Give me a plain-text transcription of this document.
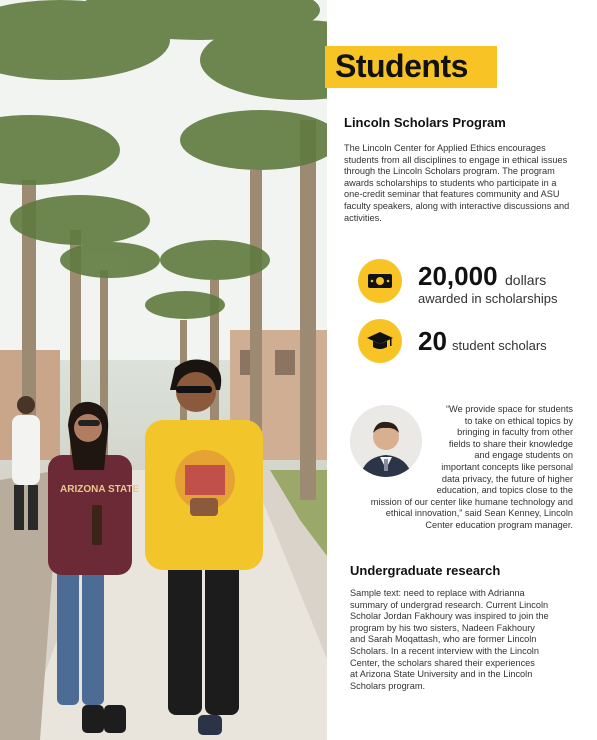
ARIZONA STATE
Students
Lincoln Scholars Program
The Lincoln Center for Applied Ethics encourages students from all disciplines to engage in ethical issues through the Lincoln Scholars program. The program awards scholarships to students who participate in a one-credit seminar that features community and ASU faculty speakers, along with interactive discussions and activities.
20,000 dollars
awarded in scholarships
20 student scholars
“We provide space for students
to take on ethical topics by
bringing in faculty from other
fields to share their knowledge
and engage students on
important concepts like personal
data privacy, the future of higher
education, and topics close to the
mission of our center like humane technology and
ethical innovation,” said Sean Kenney, Lincoln
Center education program manager.
Undergraduate research
Sample text: need to replace with Adrianna
summary of undergrad research. Current Lincoln
Scholar Jordan Fakhoury was inspired to join the
program by his two sisters, Nadeen Fakhoury
and Sarah Moqattash, who are former Lincoln
Scholars. In a recent interview with the Lincoln
Center, the scholars shared their experiences
at Arizona State University and in the Lincoln
Scholars program.
